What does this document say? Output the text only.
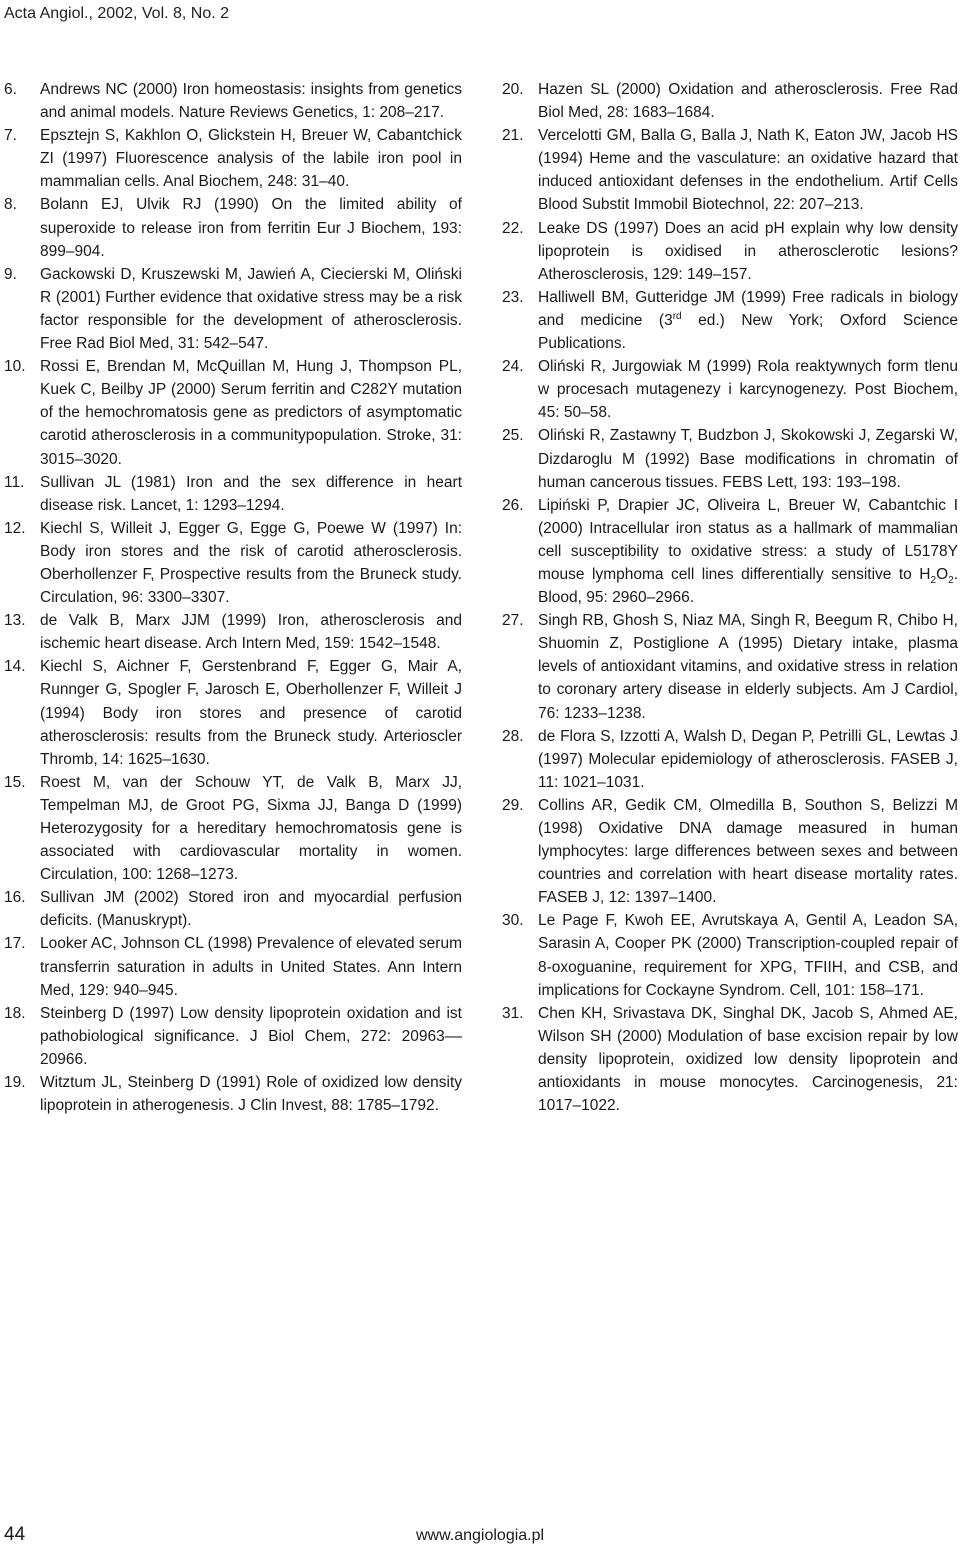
Acta Angiol., 2002, Vol. 8, No. 2
6. Andrews NC (2000) Iron homeostasis: insights from genetics and animal models. Nature Reviews Genetics, 1: 208–217.
7. Epsztejn S, Kakhlon O, Glickstein H, Breuer W, Cabantchick ZI (1997) Fluorescence analysis of the labile iron pool in mammalian cells. Anal Biochem, 248: 31–40.
8. Bolann EJ, Ulvik RJ (1990) On the limited ability of superoxide to release iron from ferritin Eur J Biochem, 193: 899–904.
9. Gackowski D, Kruszewski M, Jawień A, Ciecierski M, Oliński R (2001) Further evidence that oxidative stress may be a risk factor responsible for the development of atherosclerosis. Free Rad Biol Med, 31: 542–547.
10. Rossi E, Brendan M, McQuillan M, Hung J, Thompson PL, Kuek C, Beilby JP (2000) Serum ferritin and C282Y mutation of the hemochromatosis gene as predictors of asymptomatic carotid atherosclerosis in a communitypopulation. Stroke, 31: 3015–3020.
11. Sullivan JL (1981) Iron and the sex difference in heart disease risk. Lancet, 1: 1293–1294.
12. Kiechl S, Willeit J, Egger G, Egge G, Poewe W (1997) In: Body iron stores and the risk of carotid atherosclerosis. Oberhollenzer F, Prospective results from the Bruneck study. Circulation, 96: 3300–3307.
13. de Valk B, Marx JJM (1999) Iron, atherosclerosis and ischemic heart disease. Arch Intern Med, 159: 1542–1548.
14. Kiechl S, Aichner F, Gerstenbrand F, Egger G, Mair A, Runnger G, Spogler F, Jarosch E, Oberhollenzer F, Willeit J (1994) Body iron stores and presence of carotid atherosclerosis: results from the Bruneck study. Arterioscler Thromb, 14: 1625–1630.
15. Roest M, van der Schouw YT, de Valk B, Marx JJ, Tempelman MJ, de Groot PG, Sixma JJ, Banga D (1999) Heterozygosity for a hereditary hemochromatosis gene is associated with cardiovascular mortality in women. Circulation, 100: 1268–1273.
16. Sullivan JM (2002) Stored iron and myocardial perfusion deficits. (Manuskrypt).
17. Looker AC, Johnson CL (1998) Prevalence of elevated serum transferrin saturation in adults in United States. Ann Intern Med, 129: 940–945.
18. Steinberg D (1997) Low density lipoprotein oxidation and ist pathobiological significance. J Biol Chem, 272: 20963––20966.
19. Witztum JL, Steinberg D (1991) Role of oxidized low density lipoprotein in atherogenesis. J Clin Invest, 88: 1785–1792.
20. Hazen SL (2000) Oxidation and atherosclerosis. Free Rad Biol Med, 28: 1683–1684.
21. Vercelotti GM, Balla G, Balla J, Nath K, Eaton JW, Jacob HS (1994) Heme and the vasculature: an oxidative hazard that induced antioxidant defenses in the endothelium. Artif Cells Blood Substit Immobil Biotechnol, 22: 207–213.
22. Leake DS (1997) Does an acid pH explain why low density lipoprotein is oxidised in atherosclerotic lesions? Atherosclerosis, 129: 149–157.
23. Halliwell BM, Gutteridge JM (1999) Free radicals in biology and medicine (3rd ed.) New York; Oxford Science Publications.
24. Oliński R, Jurgowiak M (1999) Rola reaktywnych form tlenu w procesach mutagenezy i karcynogenezy. Post Biochem, 45: 50–58.
25. Oliński R, Zastawny T, Budzbon J, Skokowski J, Zegarski W, Dizdaroglu M (1992) Base modifications in chromatin of human cancerous tissues. FEBS Lett, 193: 193–198.
26. Lipiński P, Drapier JC, Oliveira L, Breuer W, Cabantchic I (2000) Intracellular iron status as a hallmark of mammalian cell susceptibility to oxidative stress: a study of L5178Y mouse lymphoma cell lines differentially sensitive to $H_2O_2$. Blood, 95: 2960–2966.
27. Singh RB, Ghosh S, Niaz MA, Singh R, Beegum R, Chibo H, Shuomin Z, Postiglione A (1995) Dietary intake, plasma levels of antioxidant vitamins, and oxidative stress in relation to coronary artery disease in elderly subjects. Am J Cardiol, 76: 1233–1238.
28. de Flora S, Izzotti A, Walsh D, Degan P, Petrilli GL, Lewtas J (1997) Molecular epidemiology of atherosclerosis. FASEB J, 11: 1021–1031.
29. Collins AR, Gedik CM, Olmedilla B, Southon S, Belizzi M (1998) Oxidative DNA damage measured in human lymphocytes: large differences between sexes and between countries and correlation with heart disease mortality rates. FASEB J, 12: 1397–1400.
30. Le Page F, Kwoh EE, Avrutskaya A, Gentil A, Leadon SA, Sarasin A, Cooper PK (2000) Transcription-coupled repair of 8-oxoguanine, requirement for XPG, TFIIH, and CSB, and implications for Cockayne Syndrom. Cell, 101: 158–171.
31. Chen KH, Srivastava DK, Singhal DK, Jacob S, Ahmed AE, Wilson SH (2000) Modulation of base excision repair by low density lipoprotein, oxidized low density lipoprotein and antioxidants in mouse monocytes. Carcinogenesis, 21: 1017–1022.
44	www.angiologia.pl
